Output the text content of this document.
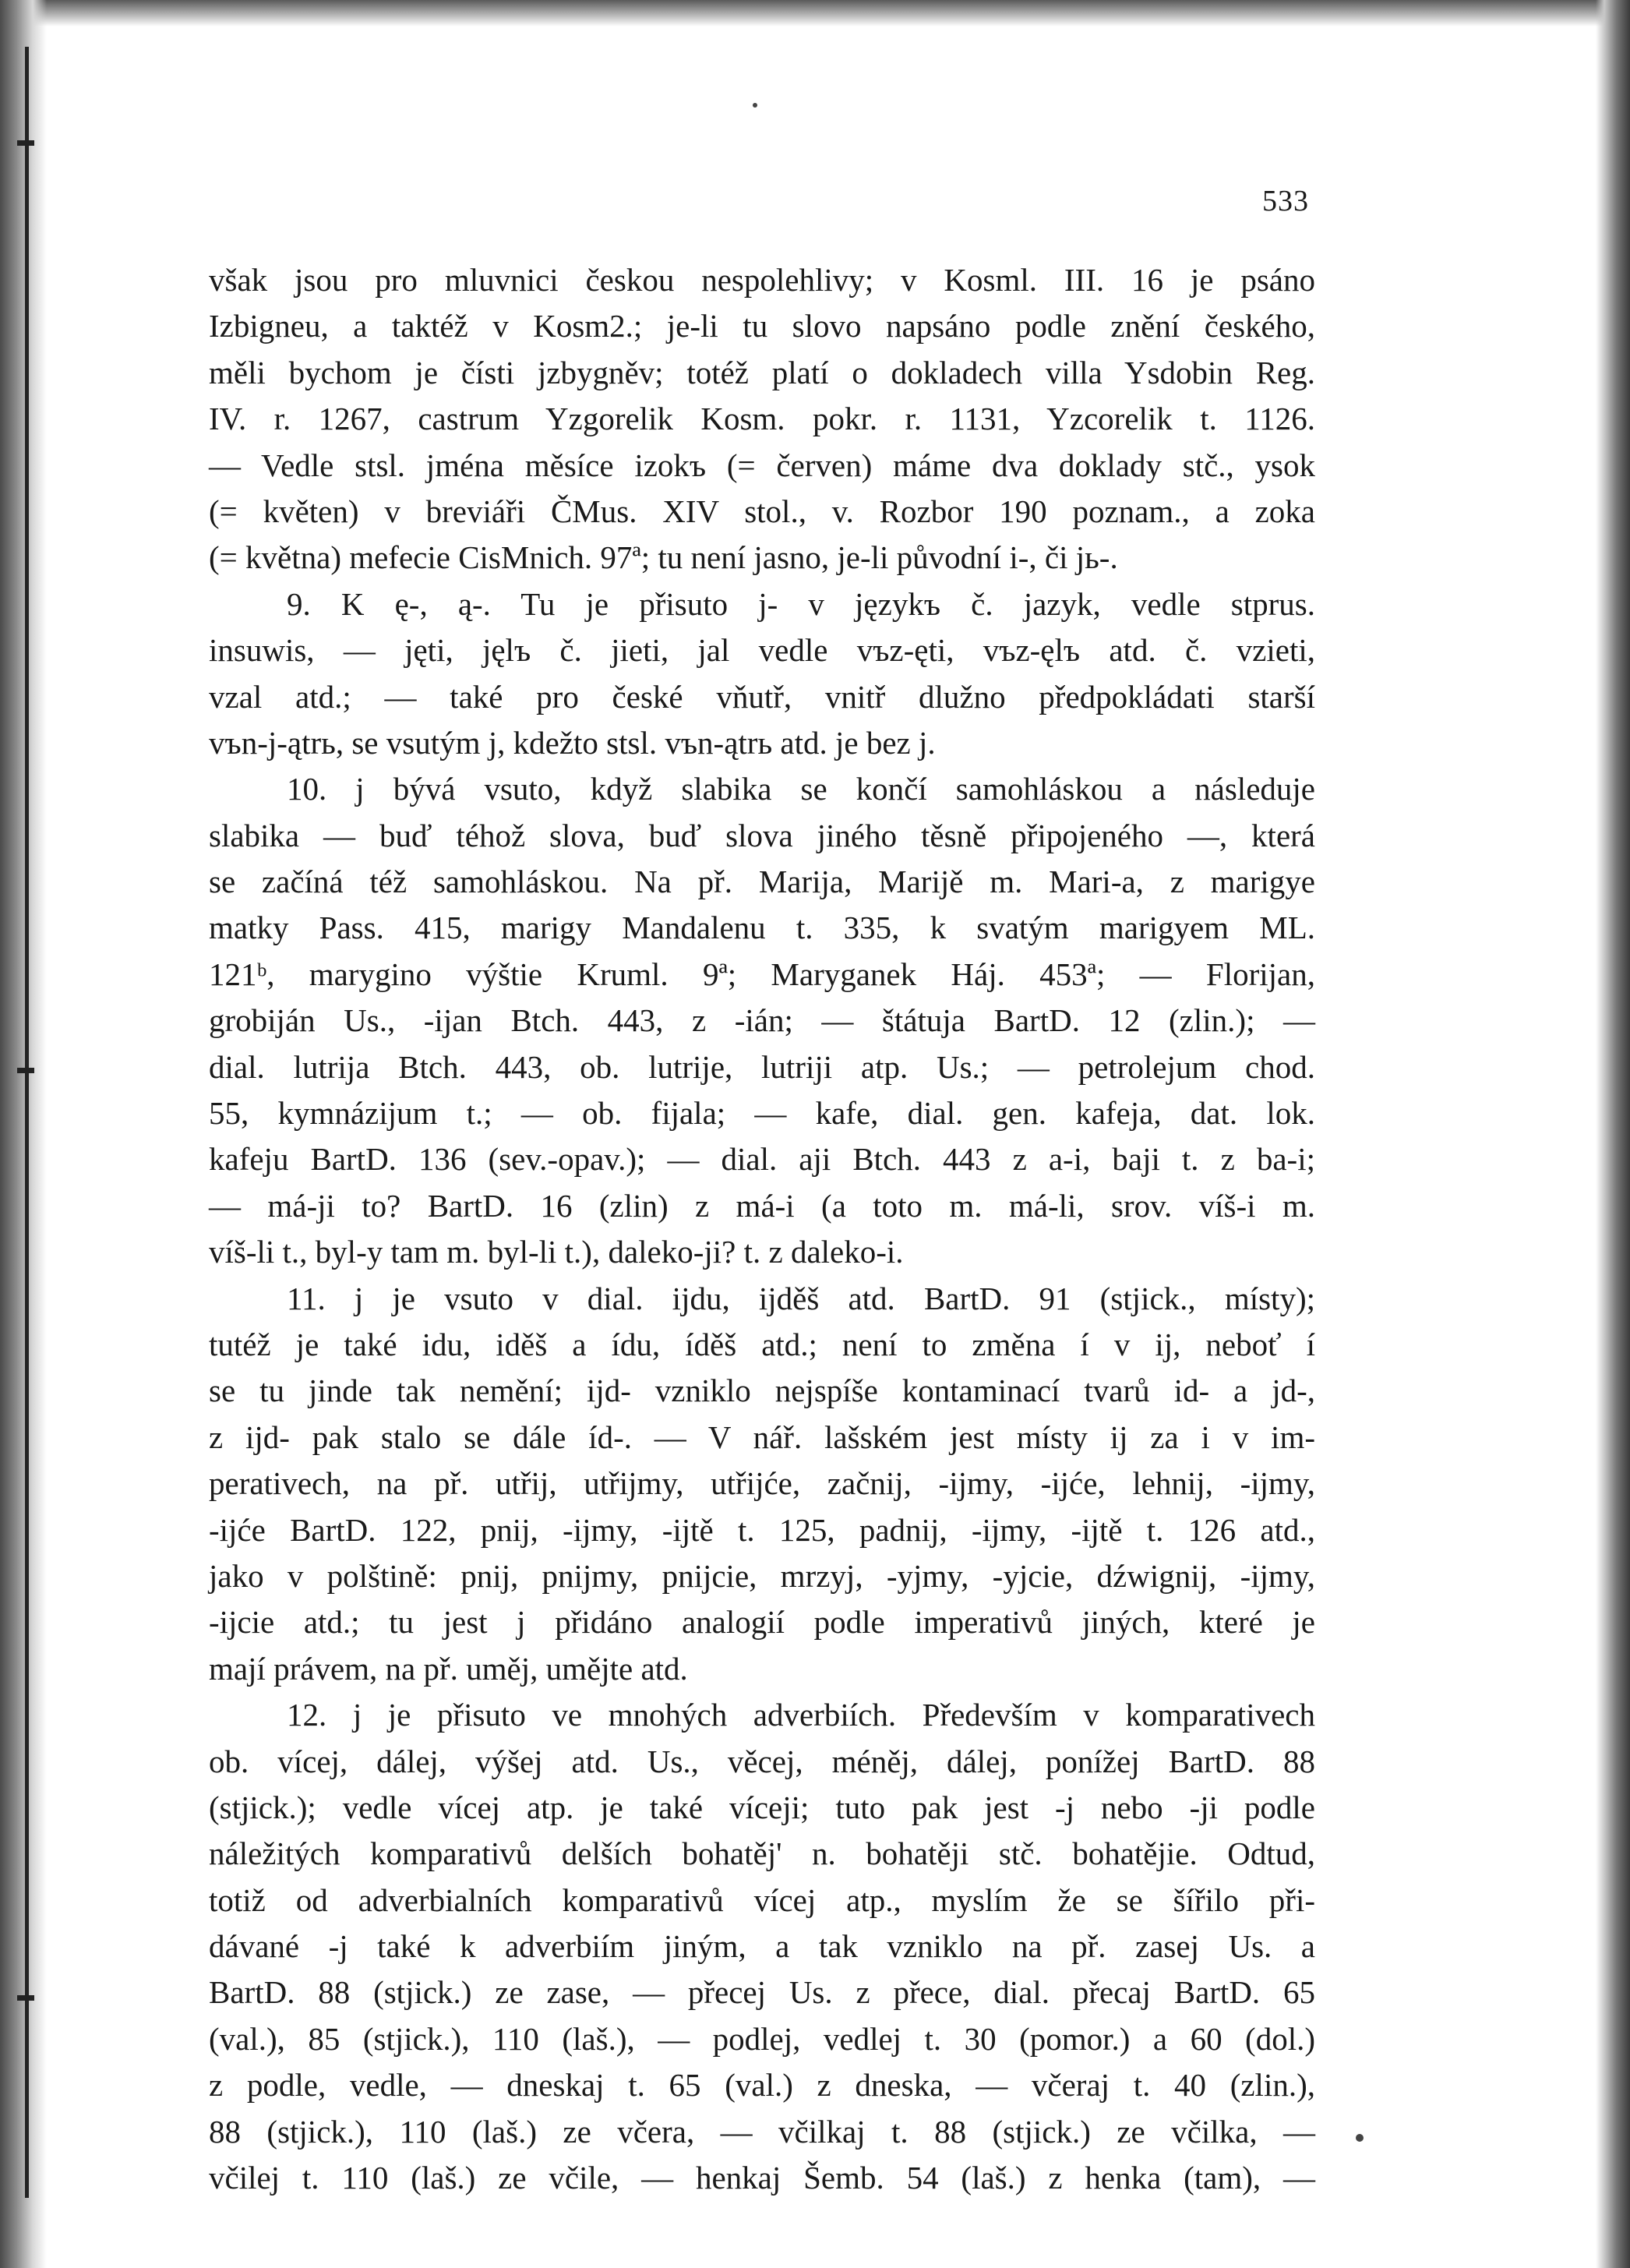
533
však jsou pro mluvnici českou nespolehlivy; v Kosml. III. 16 je psáno
Izbigneu, a taktéž v Kosm2.; je-li tu slovo napsáno podle znění českého,
měli bychom je čísti jzbygněv; totéž platí o dokladech villa Ysdobin Reg.
IV. r. 1267, castrum Yzgorelik Kosm. pokr. r. 1131, Yzcorelik t. 1126.
— Vedle stsl. jména měsíce izokъ (= červen) máme dva doklady stč., ysok
(= květen) v breviáři ČMus. XIV stol., v. Rozbor 190 poznam., a zoka
(= května) mefecie CisMnich. 97ª; tu není jasno, je-li původní i-, či jь-.
9. K ę-, ą-. Tu je přisuto j- v językъ č. jazyk, vedle stprus.
insuwis, — jęti, jęlъ č. jieti, jal vedle vъz-ęti, vъz-ęlъ atd. č. vzieti,
vzal atd.; — také pro české vňutř, vnitř dlužno předpokládati starší
vъn-j-ątrь, se vsutým j, kdežto stsl. vъn-ątrь atd. je bez j.
10. j bývá vsuto, když slabika se končí samohláskou a následuje
slabika — buď téhož slova, buď slova jiného těsně připojeného —, která
se začíná též samohláskou. Na př. Marija, Marijě m. Mari-a, z marigye
matky Pass. 415, marigy Mandalenu t. 335, k svatým marigyem ML.
121ᵇ, marygino výštie Kruml. 9ª; Maryganek Háj. 453ª; — Florijan,
grobiján Us., -ijan Btch. 443, z -ián; — štátuja BartD. 12 (zlin.); —
dial. lutrija Btch. 443, ob. lutrije, lutriji atp. Us.; — petrolejum chod.
55, kymnázijum t.; — ob. fijala; — kafe, dial. gen. kafeja, dat. lok.
kafeju BartD. 136 (sev.-opav.); — dial. aji Btch. 443 z a-i, baji t. z ba-i;
— má-ji to? BartD. 16 (zlin) z má-i (a toto m. má-li, srov. víš-i m.
víš-li t., byl-y tam m. byl-li t.), daleko-ji? t. z daleko-i.
11. j je vsuto v dial. ijdu, ijděš atd. BartD. 91 (stjick., místy);
tutéž je také idu, iděš a ídu, íděš atd.; není to změna í v ij, neboť í
se tu jinde tak nemění; ijd- vzniklo nejspíše kontaminací tvarů id- a jd-,
z ijd- pak stalo se dále íd-. — V nář. lašském jest místy ij za i v im-
perativech, na př. utřij, utřijmy, utřijće, začnij, -ijmy, -ijće, lehnij, -ijmy,
-ijće BartD. 122, pnij, -ijmy, -ijtě t. 125, padnij, -ijmy, -ijtě t. 126 atd.,
jako v polštině: pnij, pnijmy, pnijcie, mrzyj, -yjmy, -yjcie, dźwignij, -ijmy,
-ijcie atd.; tu jest j přidáno analogií podle imperativů jiných, které je
mají právem, na př. uměj, umějte atd.
12. j je přisuto ve mnohých adverbiích. Především v komparativech
ob. vícej, dálej, výšej atd. Us., věcej, méněj, dálej, ponížej BartD. 88
(stjick.); vedle vícej atp. je také víceji; tuto pak jest -j nebo -ji podle
náležitých komparativů delších bohatěj' n. bohatěji stč. bohatějie. Odtud,
totiž od adverbialních komparativů vícej atp., myslím že se šířilo při-
dávané -j také k adverbiím jiným, a tak vzniklo na př. zasej Us. a
BartD. 88 (stjick.) ze zase, — přecej Us. z přece, dial. přecaj BartD. 65
(val.), 85 (stjick.), 110 (laš.), — podlej, vedlej t. 30 (pomor.) a 60 (dol.)
z podle, vedle, — dneskaj t. 65 (val.) z dneska, — včeraj t. 40 (zlin.),
88 (stjick.), 110 (laš.) ze včera, — včilkaj t. 88 (stjick.) ze včilka, —
včilej t. 110 (laš.) ze včile, — henkaj Šemb. 54 (laš.) z henka (tam), —
